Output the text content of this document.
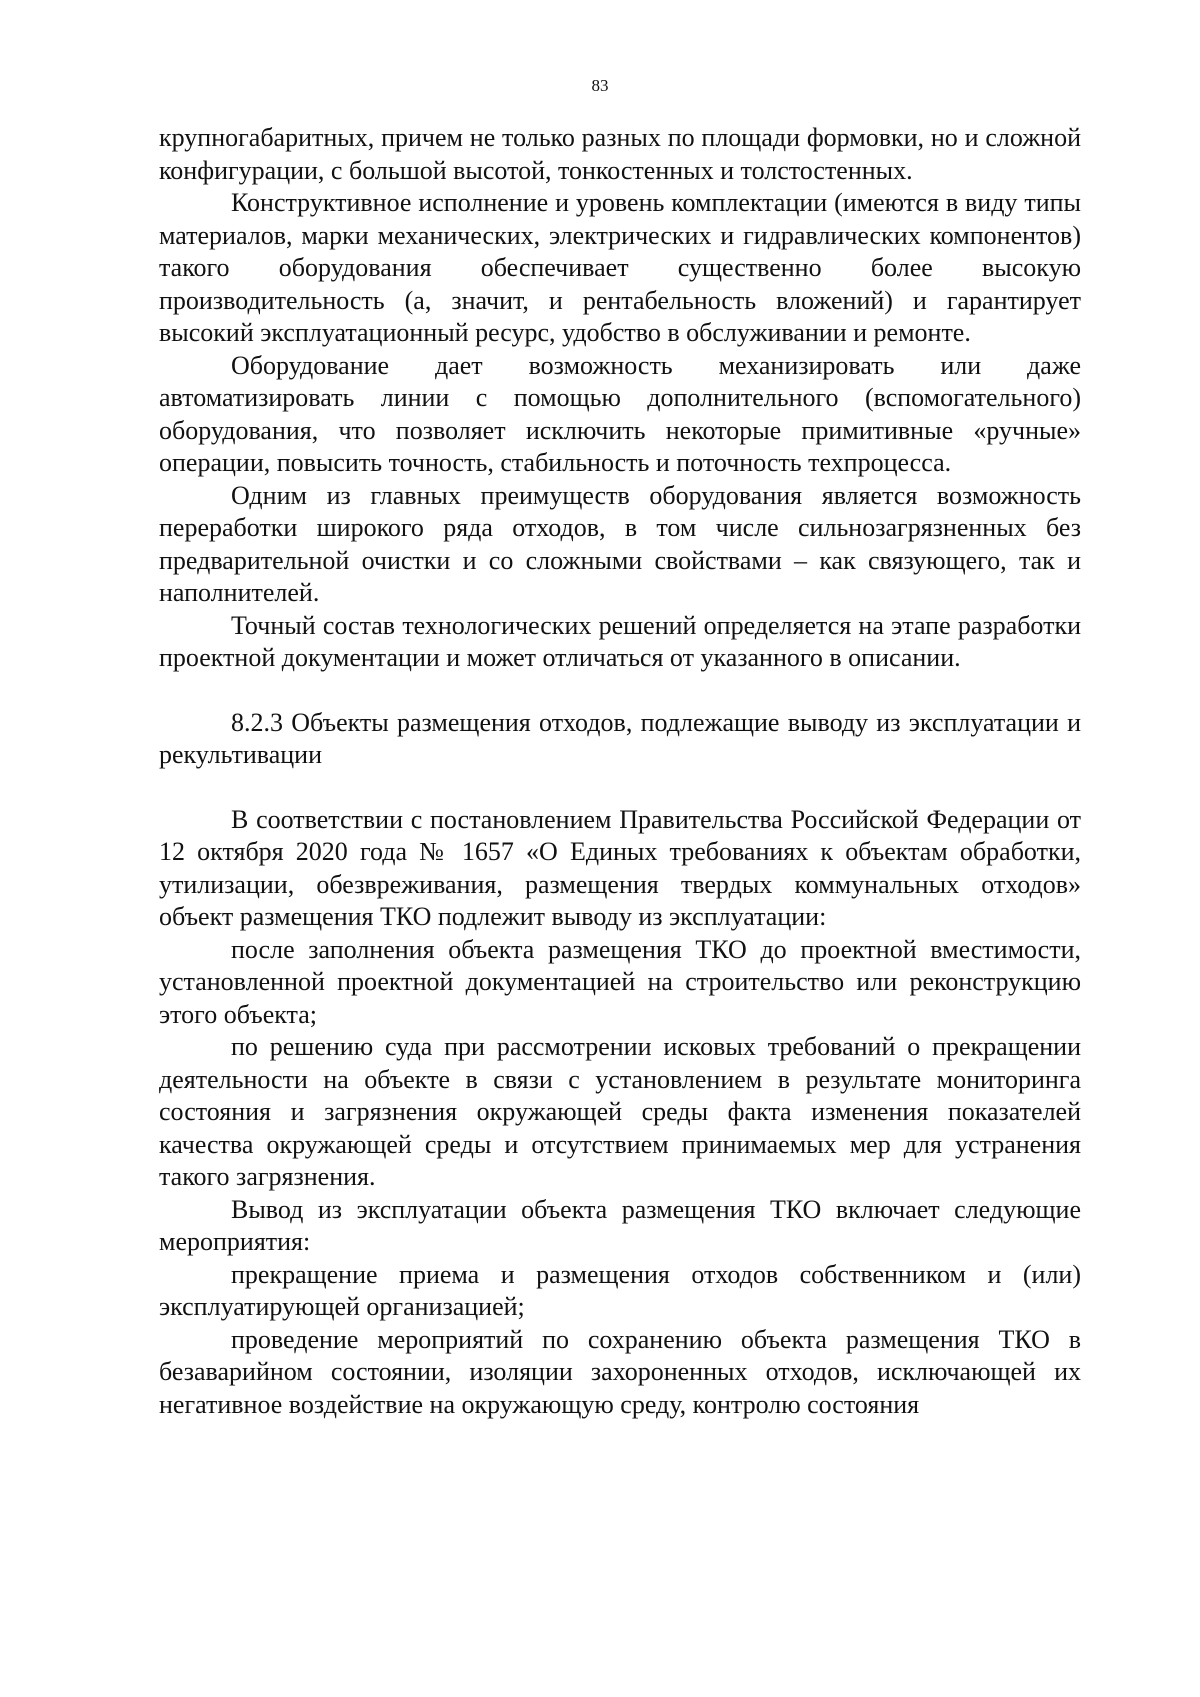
83

крупногабаритных, причем не только разных по площади формовки, но и сложной конфигурации, с большой высотой, тонкостенных и толстостенных.

Конструктивное исполнение и уровень комплектации (имеются в виду типы материалов, марки механических, электрических и гидравлических компонентов) такого оборудования обеспечивает существенно более высокую производительность (а, значит, и рентабельность вложений) и гарантирует высокий эксплуатационный ресурс, удобство в обслуживании и ремонте.

Оборудование дает возможность механизировать или даже автоматизировать линии с помощью дополнительного (вспомогательного) оборудования, что позволяет исключить некоторые примитивные «ручные» операции, повысить точность, стабильность и поточность техпроцесса.

Одним из главных преимуществ оборудования является возможность переработки широкого ряда отходов, в том числе сильнозагрязненных без предварительной очистки и со сложными свойствами – как связующего, так и наполнителей.

Точный состав технологических решений определяется на этапе разработки проектной документации и может отличаться от указанного в описании.

8.2.3 Объекты размещения отходов, подлежащие выводу из эксплуатации и рекультивации

В соответствии с постановлением Правительства Российской Федерации от 12 октября 2020 года № 1657 «О Единых требованиях к объектам обработки, утилизации, обезвреживания, размещения твердых коммунальных отходов» объект размещения ТКО подлежит выводу из эксплуатации:

после заполнения объекта размещения ТКО до проектной вместимости, установленной проектной документацией на строительство или реконструкцию этого объекта;

по решению суда при рассмотрении исковых требований о прекращении деятельности на объекте в связи с установлением в результате мониторинга состояния и загрязнения окружающей среды факта изменения показателей качества окружающей среды и отсутствием принимаемых мер для устранения такого загрязнения.

Вывод из эксплуатации объекта размещения ТКО включает следующие мероприятия:

прекращение приема и размещения отходов собственником и (или) эксплуатирующей организацией;

проведение мероприятий по сохранению объекта размещения ТКО в безаварийном состоянии, изоляции захороненных отходов, исключающей их негативное воздействие на окружающую среду, контролю состояния
